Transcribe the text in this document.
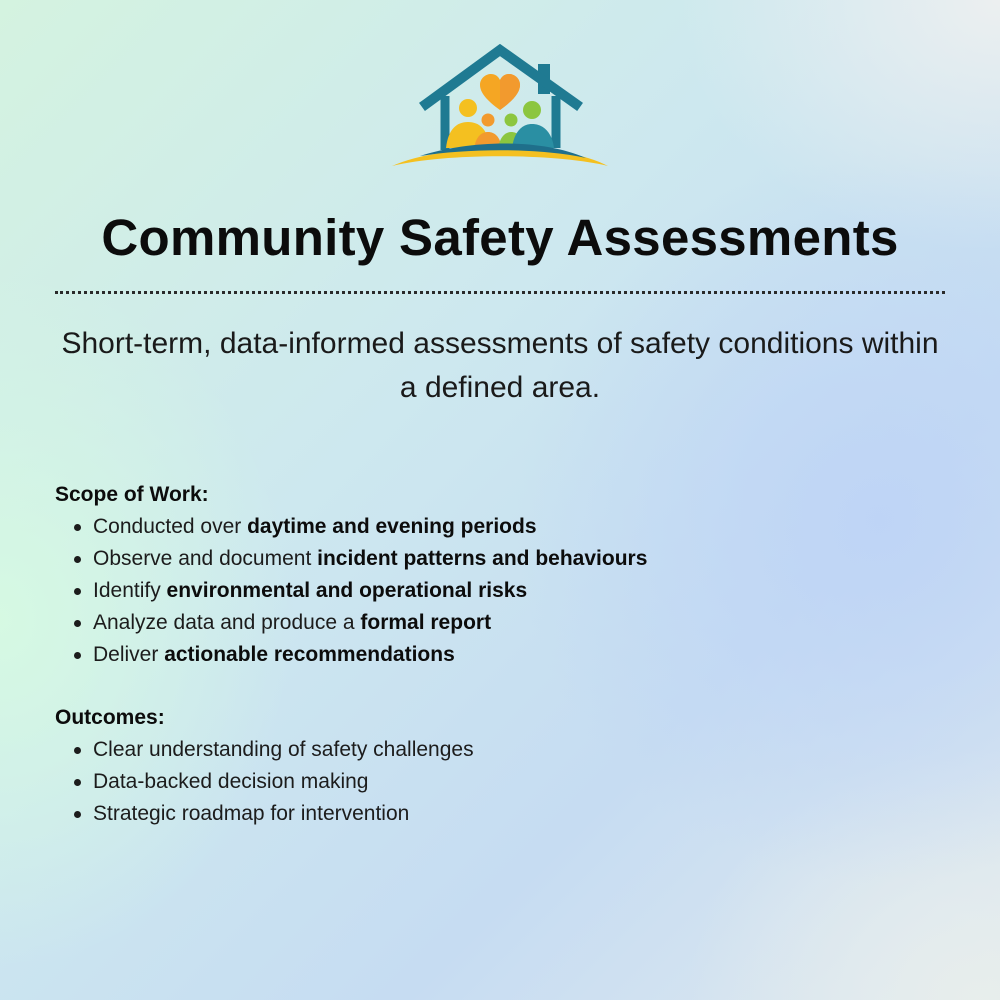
Community Safety Assessments
Short-term, data-informed assessments of safety conditions within a defined area.
Scope of Work:
Conducted over daytime and evening periods
Observe and document incident patterns and behaviours
Identify environmental and operational risks
Analyze data and produce a formal report
Deliver actionable recommendations
Outcomes:
Clear understanding of safety challenges
Data-backed decision making
Strategic roadmap for intervention
